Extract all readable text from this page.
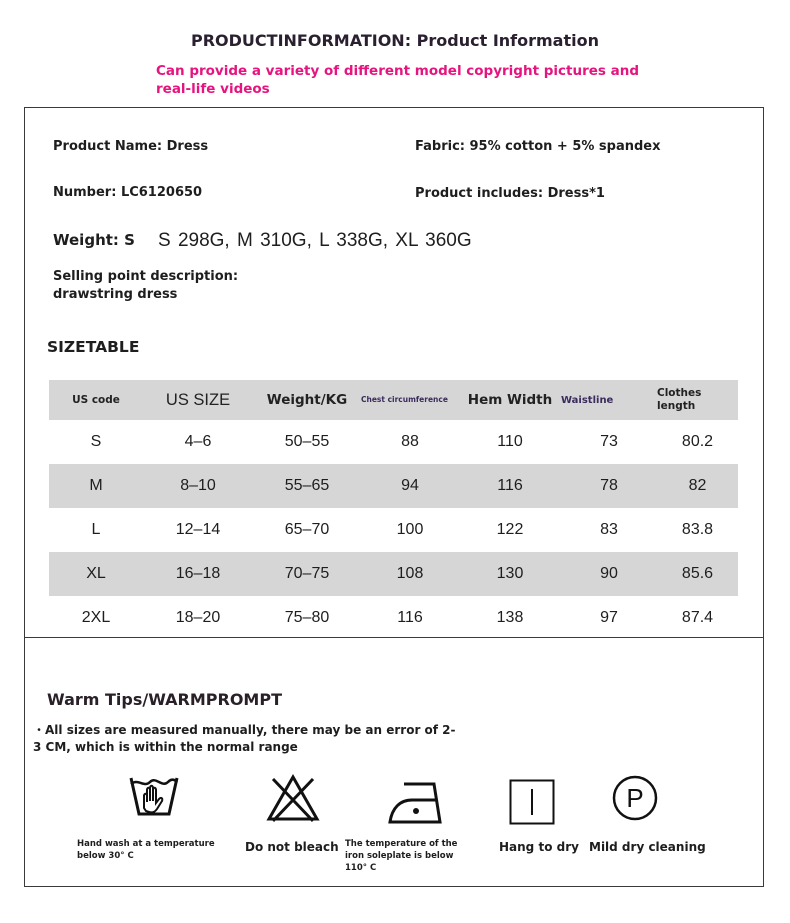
PRODUCTINFORMATION: Product Information
Can provide a variety of different model copyright pictures and real-life videos
Product Name: Dress	Fabric: 95% cotton + 5% spandex
Number: LC6120650	Product includes: Dress*1
Weight: S S 298G, M 310G, L 338G, XL 360G
Selling point description:
drawstring dress
SIZETABLE
US code	US SIZE	Weight/KG	Chest circumference	Hem Width	Waistline	Clothes length
S	4–6	50–55	88	110	73	80.2
M	8–10	55–65	94	116	78	82
L	12–14	65–70	100	122	83	83.8
XL	16–18	70–75	108	130	90	85.6
2XL	18–20	75–80	116	138	97	87.4
Warm Tips/WARMPROMPT
・All sizes are measured manually, there may be an error of 2-3 CM, which is within the normal range
Hand wash at a temperature below 30° C
Do not bleach The temperature of the iron soleplate is below 110° C
Hang to dry
P
Mild dry cleaning
